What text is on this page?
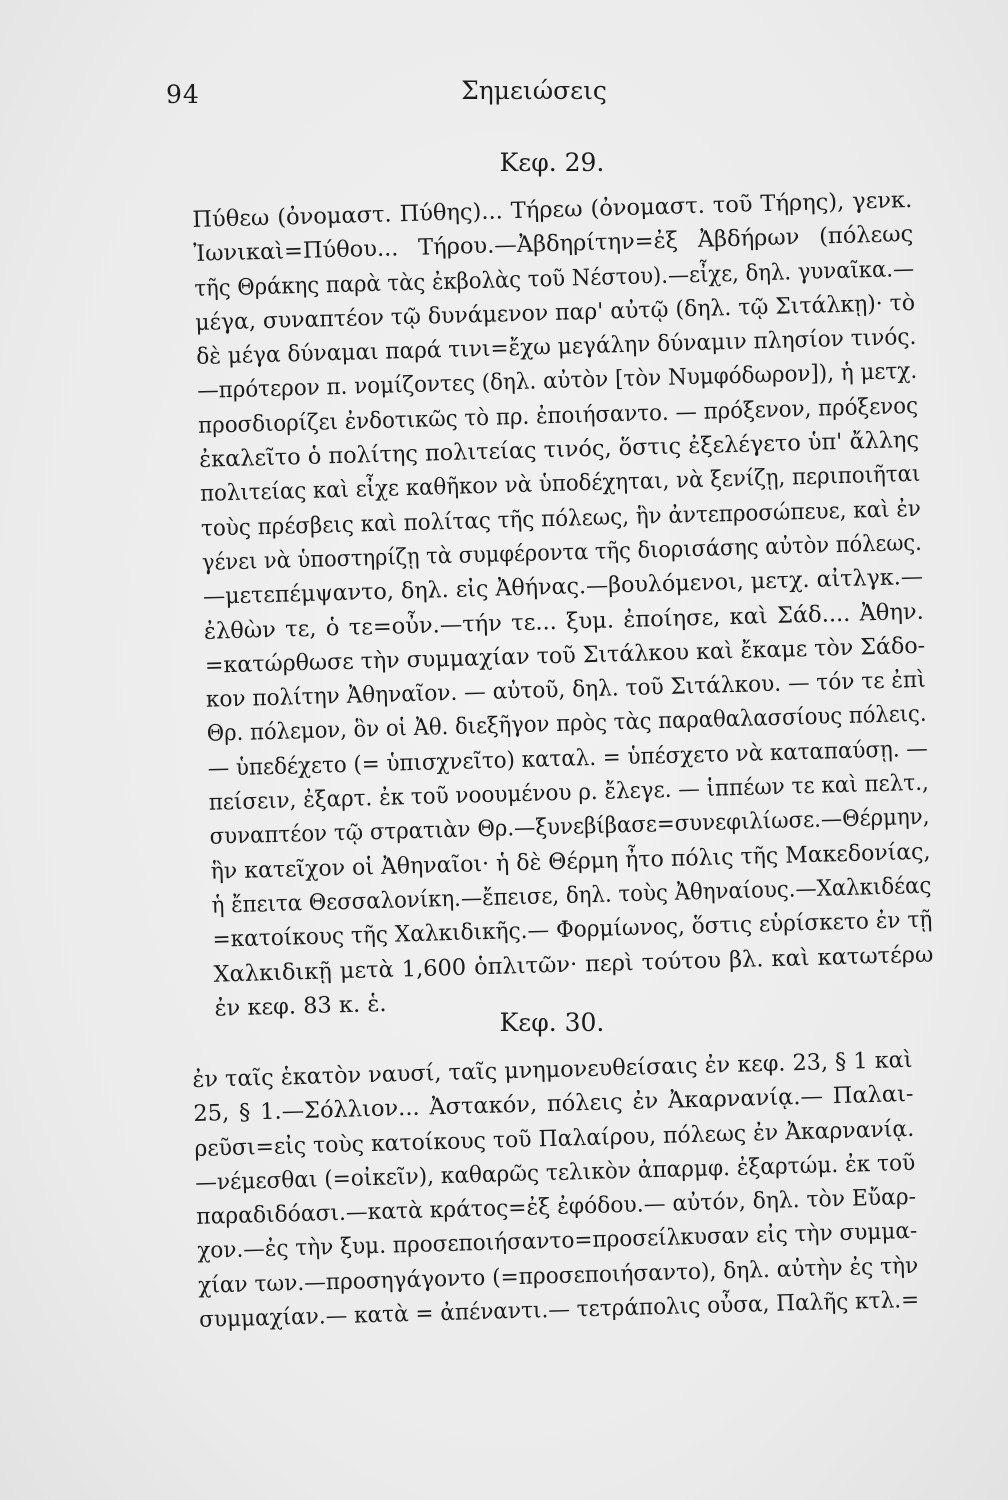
94	Σημειώσεις
Κεφ. 29.
Πύθεω (ὀνομαστ. Πύθης)... Τήρεω (ὀνομαστ. τοῦ Τήρης), γενκ.
Ἰωνικαὶ=Πύθου... Τήρου.—Ἀβδηρίτην=ἐξ Ἀβδήρων (πόλεως
τῆς Θράκης παρὰ τὰς ἐκβολὰς τοῦ Νέστου).—εἶχε, δηλ. γυναῖκα.—
μέγα, συναπτέον τῷ δυνάμενον παρ' αὐτῷ (δηλ. τῷ Σιτάλκῃ)· τὸ
δὲ μέγα δύναμαι παρά τινι=ἔχω μεγάλην δύναμιν πλησίον τινός.
—πρότερον π. νομίζοντες (δηλ. αὐτὸν [τὸν Νυμφόδωρον]), ἡ μετχ.
προσδιορίζει ἐνδοτικῶς τὸ πρ. ἐποιήσαντο. — πρόξενον, πρόξενος
ἐκαλεῖτο ὁ πολίτης πολιτείας τινός, ὅστις ἐξελέγετο ὑπ' ἄλλης
πολιτείας καὶ εἶχε καθῆκον νὰ ὑποδέχηται, νὰ ξενίζῃ, περιποιῆται
τοὺς πρέσβεις καὶ πολίτας τῆς πόλεως, ἣν ἀντεπροσώπευε, καὶ ἐν
γένει νὰ ὑποστηρίζῃ τὰ συμφέροντα τῆς διορισάσης αὐτὸν πόλεως.
—μετεπέμψαντο, δηλ. εἰς Ἀθήνας.—βουλόμενοι, μετχ. αἰτλγκ.—
ἐλθὼν τε, ὁ τε=οὖν.—τήν τε... ξυμ. ἐποίησε, καὶ Σάδ.... Ἀθην.
=κατώρθωσε τὴν συμμαχίαν τοῦ Σιτάλκου καὶ ἔκαμε τὸν Σάδο-
κον πολίτην Ἀθηναῖον. — αὐτοῦ, δηλ. τοῦ Σιτάλκου. — τόν τε ἐπὶ
Θρ. πόλεμον, ὃν οἱ Ἀθ. διεξῆγον πρὸς τὰς παραθαλασσίους πόλεις.
— ὑπεδέχετο (= ὑπισχνεῖτο) καταλ. = ὑπέσχετο νὰ καταπαύσῃ. —
πείσειν, ἐξαρτ. ἐκ τοῦ νοουμένου ρ. ἔλεγε. — ἱππέων τε καὶ πελτ.,
συναπτέον τῷ στρατιὰν Θρ.—ξυνεβίβασε=συνεφιλίωσε.—Θέρμην,
ἣν κατεῖχον οἱ Ἀθηναῖοι· ἡ δὲ Θέρμη ἦτο πόλις τῆς Μακεδονίας,
ἡ ἔπειτα Θεσσαλονίκη.—ἔπεισε, δηλ. τοὺς Ἀθηναίους.—Χαλκιδέας
=κατοίκους τῆς Χαλκιδικῆς.— Φορμίωνος, ὅστις εὑρίσκετο ἐν τῇ
Χαλκιδικῇ μετὰ 1,600 ὁπλιτῶν· περὶ τούτου βλ. καὶ κατωτέρω
ἐν κεφ. 83 κ. ἑ.
Κεφ. 30.
ἐν ταῖς ἑκατὸν ναυσί, ταῖς μνημονευθείσαις ἐν κεφ. 23, § 1 καὶ
25, § 1.—Σόλλιον... Ἀστακόν, πόλεις ἐν Ἀκαρνανίᾳ.— Παλαι-
ρεῦσι=εἰς τοὺς κατοίκους τοῦ Παλαίρου, πόλεως ἐν Ἀκαρνανίᾳ.
—νέμεσθαι (=οἰκεῖν), καθαρῶς τελικὸν ἀπαρμφ. ἐξαρτώμ. ἐκ τοῦ
παραδιδόασι.—κατὰ κράτος=ἐξ ἐφόδου.— αὐτόν, δηλ. τὸν Εὔαρ-
χον.—ἐς τὴν ξυμ. προσεποιήσαντο=προσείλκυσαν εἰς τὴν συμμα-
χίαν των.—προσηγάγοντο (=προσεποιήσαντο), δηλ. αὐτὴν ἐς τὴν
συμμαχίαν.— κατὰ = ἀπέναντι.— τετράπολις οὖσα, Παλῆς κτλ.=
